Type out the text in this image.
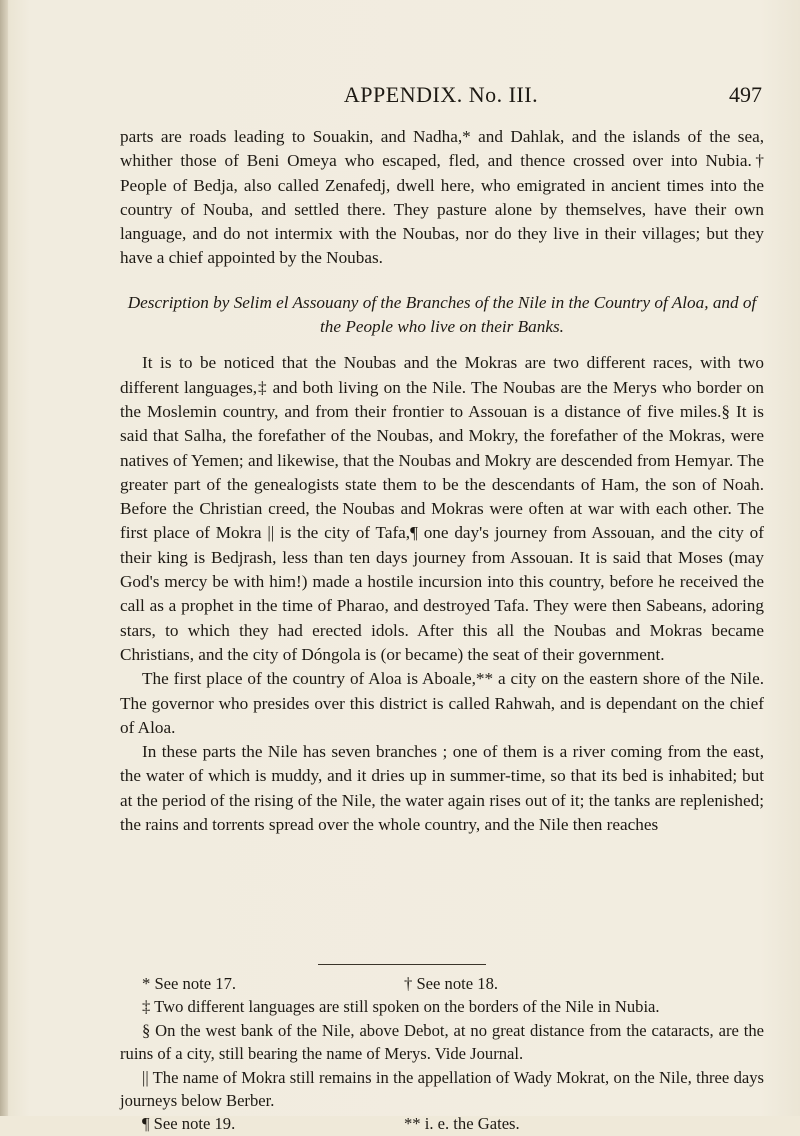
APPENDIX. No. III.	497

parts are roads leading to Souakin, and Nadha,* and Dahlak, and the islands of the sea, whither those of Beni Omeya who escaped, fled, and thence crossed over into Nubia.† People of Bedja, also called Zenafedj, dwell here, who emigrated in ancient times into the country of Nouba, and settled there. They pasture alone by themselves, have their own language, and do not intermix with the Noubas, nor do they live in their villages; but they have a chief appointed by the Noubas.

Description by Selim el Assouany of the Branches of the Nile in the Country of Aloa, and of the People who live on their Banks.

It is to be noticed that the Noubas and the Mokras are two different races, with two different languages,‡ and both living on the Nile. The Noubas are the Merys who border on the Moslemin country, and from their frontier to Assouan is a distance of five miles.§ It is said that Salha, the forefather of the Noubas, and Mokry, the forefather of the Mokras, were natives of Yemen; and likewise, that the Noubas and Mokry are descended from Hemyar. The greater part of the genealogists state them to be the descendants of Ham, the son of Noah. Before the Christian creed, the Noubas and Mokras were often at war with each other. The first place of Mokra || is the city of Tafa,¶ one day's journey from Assouan, and the city of their king is Bedjrash, less than ten days journey from Assouan. It is said that Moses (may God's mercy be with him!) made a hostile incursion into this country, before he received the call as a prophet in the time of Pharao, and destroyed Tafa. They were then Sabeans, adoring stars, to which they had erected idols. After this all the Noubas and Mokras became Christians, and the city of Dóngola is (or became) the seat of their government.

The first place of the country of Aloa is Aboale,** a city on the eastern shore of the Nile. The governor who presides over this district is called Rahwah, and is dependant on the chief of Aloa.

In these parts the Nile has seven branches ; one of them is a river coming from the east, the water of which is muddy, and it dries up in summer-time, so that its bed is inhabited; but at the period of the rising of the Nile, the water again rises out of it; the tanks are replenished; the rains and torrents spread over the whole country, and the Nile then reaches

* See note 17.	† See note 18.

‡ Two different languages are still spoken on the borders of the Nile in Nubia.

§ On the west bank of the Nile, above Debot, at no great distance from the cataracts, are the ruins of a city, still bearing the name of Merys. Vide Journal.

|| The name of Mokra still remains in the appellation of Wady Mokrat, on the Nile, three days journeys below Berber.

¶ See note 19.	** i. e. the Gates.
